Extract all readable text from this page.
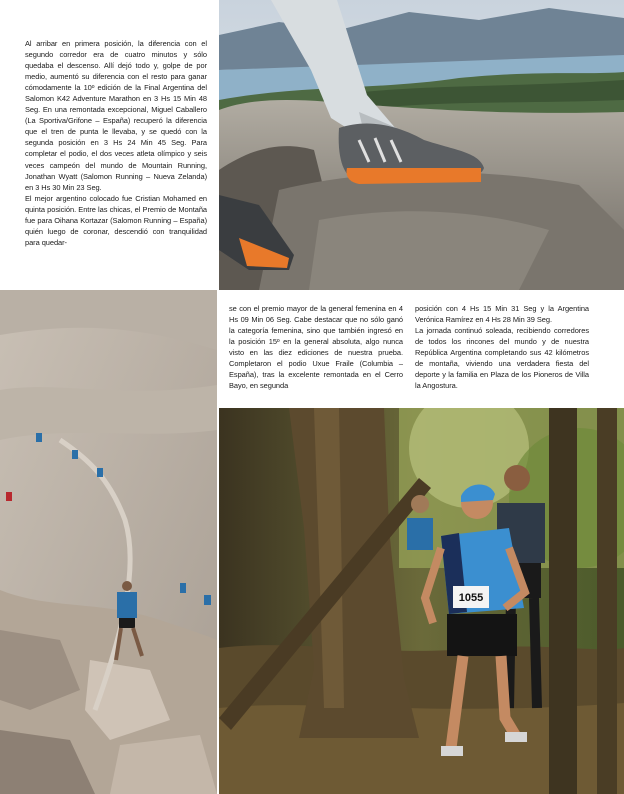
Al arribar en primera posición, la diferencia con el segundo corredor era de cuatro minutos y sólo quedaba el descenso. Allí dejó todo y, golpe de por medio, aumentó su diferencia con el resto para ganar cómodamente la 10º edición de la Final Argentina del Salomon K42 Adventure Marathon en 3 Hs 15 Min 48 Seg. En una remontada excepcional, Miguel Caballero (La Sportiva/Grifone – España) recuperó la diferencia que el tren de punta le llevaba, y se quedó con la segunda posición en 3 Hs 24 Min 45 Seg. Para completar el podio, el dos veces atleta olímpico y seis veces campeón del mundo de Mountain Running, Jonathan Wyatt (Salomon Running – Nueva Zelanda) en 3 Hs 30 Min 23 Seg.

El mejor argentino colocado fue Cristian Mohamed en quinta posición. Entre las chicas, el Premio de Montaña fue para Oihana Kortazar (Salomon Running – España) quién luego de coronar, descendió con tranquilidad para quedar-

se con el premio mayor de la general femenina en 4 Hs 09 Min 06 Seg. Cabe destacar que no sólo ganó la categoría femenina, sino que también ingresó en la posición 15º en la general absoluta, algo nunca visto en las diez ediciones de nuestra prueba. Completaron el podio Uxue Fraile (Columbia – España), tras la excelente remontada en el Cerro Bayo, en segunda

posición con 4 Hs 15 Min 31 Seg y la Argentina Verónica Ramírez en 4 Hs 28 Min 39 Seg.

La jornada continuó soleada, recibiendo corredores de todos los rincones del mundo y de nuestra República Argentina completando sus 42 kilómetros de montaña, viviendo una verdadera fiesta del deporte y la familia en Plaza de los Pioneros de Villa la Angostura.

1055
